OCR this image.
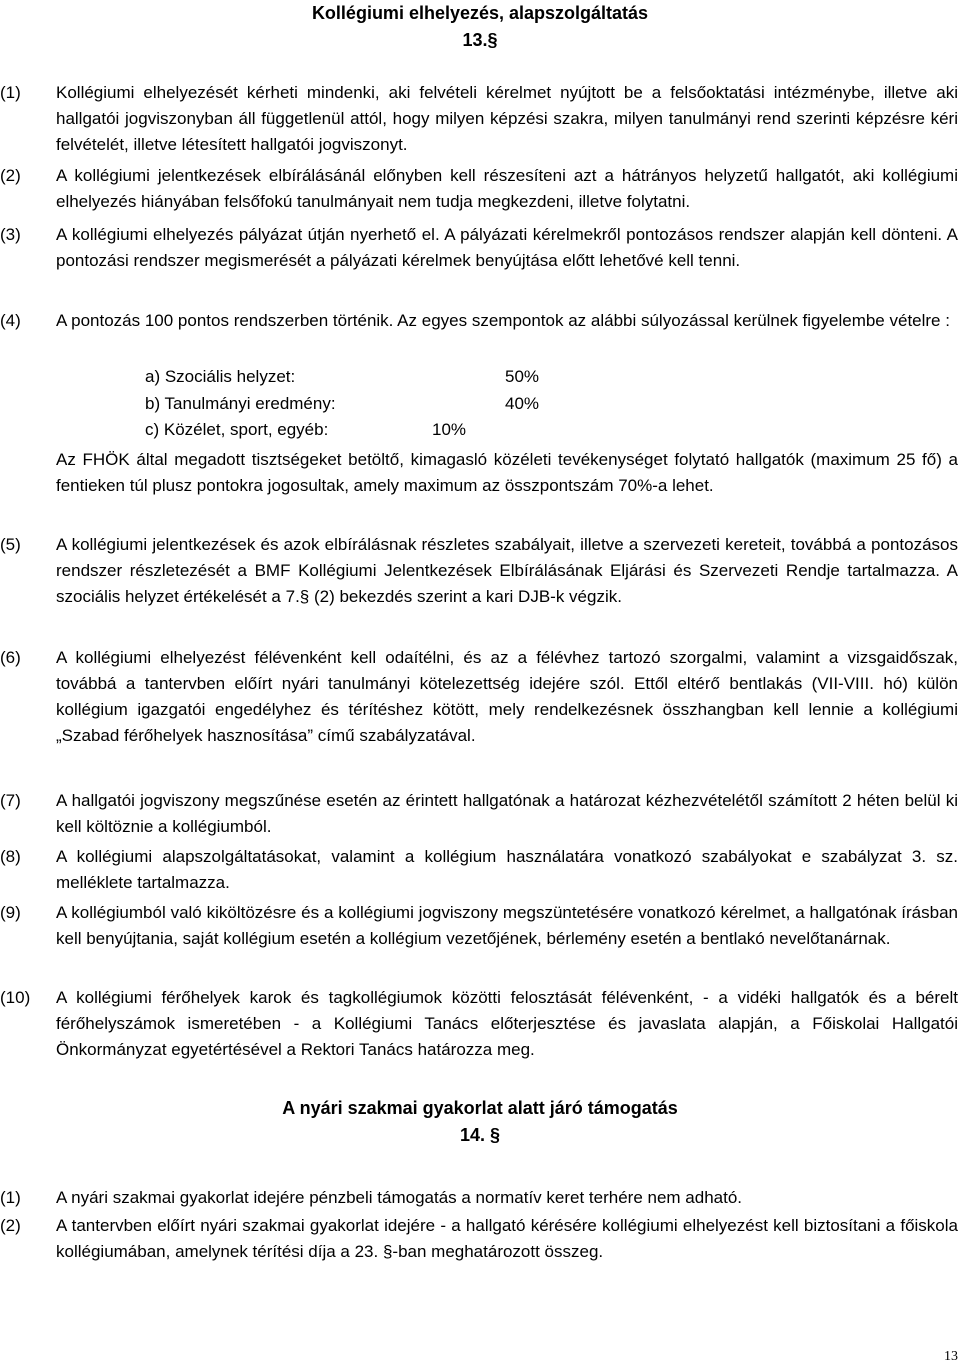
Kollégiumi elhelyezés, alapszolgáltatás
13.§
(1) Kollégiumi elhelyezését kérheti mindenki, aki felvételi kérelmet nyújtott be a felsőoktatási intézménybe, illetve aki hallgatói jogviszonyban áll függetlenül attól, hogy milyen képzési szakra, milyen tanulmányi rend szerinti képzésre kéri felvételét, illetve létesített hallgatói jogviszonyt.
(2) A kollégiumi jelentkezések elbírálásánál előnyben kell részesíteni azt a hátrányos helyzetű hallgatót, aki kollégiumi elhelyezés hiányában felsőfokú tanulmányait nem tudja megkezdeni, illetve folytatni.
(3) A kollégiumi elhelyezés pályázat útján nyerhető el. A pályázati kérelmekről pontozásos rendszer alapján kell dönteni. A pontozási rendszer megismerését a pályázati kérelmek benyújtása előtt lehetővé kell tenni.
(4) A pontozás 100 pontos rendszerben történik. Az egyes szempontok az alábbi súlyozással kerülnek figyelembe vételre :
a) Szociális helyzet:	50%
b) Tanulmányi eredmény:	40%
c) Közélet, sport, egyéb:	10%
Az FHÖK által megadott tisztségeket betöltő, kimagasló közéleti tevékenységet folytató hallgatók (maximum 25 fő) a fentieken túl plusz pontokra jogosultak, amely maximum az összpontszám 70%-a lehet.
(5) A kollégiumi jelentkezések és azok elbírálásnak részletes szabályait, illetve a szervezeti kereteit, továbbá a pontozásos rendszer részletezését a BMF Kollégiumi Jelentkezések Elbírálásának Eljárási és Szervezeti Rendje tartalmazza. A szociális helyzet értékelését a 7.§ (2) bekezdés szerint a kari DJB-k végzik.
(6) A kollégiumi elhelyezést félévenként kell odaítélni, és az a félévhez tartozó szorgalmi, valamint a vizsgaidőszak, továbbá a tantervben előírt nyári tanulmányi kötelezettség idejére szól. Ettől eltérő bentlakás (VII-VIII. hó) külön kollégium igazgatói engedélyhez és térítéshez kötött, mely rendelkezésnek összhangban kell lennie a kollégiumi „Szabad férőhelyek hasznosítása” című szabályzatával.
(7) A hallgatói jogviszony megszűnése esetén az érintett hallgatónak a határozat kézhezvételétől számított 2 héten belül ki kell költöznie a kollégiumból.
(8) A kollégiumi alapszolgáltatásokat, valamint a kollégium használatára vonatkozó szabályokat e szabályzat 3. sz. melléklete tartalmazza.
(9) A kollégiumból való kiköltözésre és a kollégiumi jogviszony megszüntetésére vonatkozó kérelmet, a hallgatónak írásban kell benyújtania, saját kollégium esetén a kollégium vezetőjének, bérlemény esetén a bentlakó nevelőtanárnak.
(10) A kollégiumi férőhelyek karok és tagkollégiumok közötti felosztását félévenként, - a vidéki hallgatók és a bérelt férőhelyszámok ismeretében - a Kollégiumi Tanács előterjesztése és javaslata alapján, a Főiskolai Hallgatói Önkormányzat egyetértésével a Rektori Tanács határozza meg.
A nyári szakmai gyakorlat alatt járó támogatás
14. §
(1) A nyári szakmai gyakorlat idejére pénzbeli támogatás a normatív keret terhére nem adható.
(2) A tantervben előírt nyári szakmai gyakorlat idejére - a hallgató kérésére kollégiumi elhelyezést kell biztosítani a főiskola kollégiumában, amelynek térítési díja a 23. §-ban meghatározott összeg.
13
